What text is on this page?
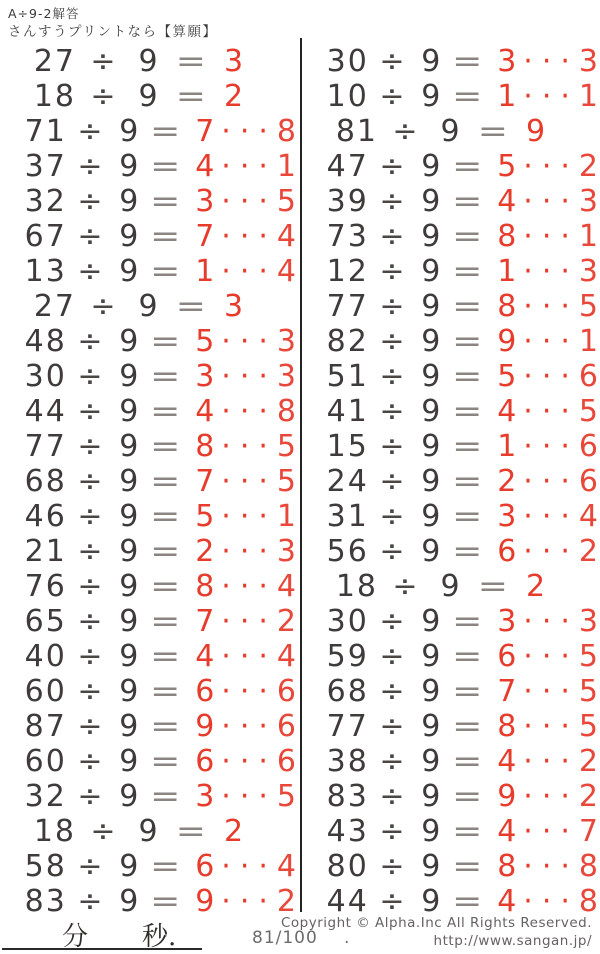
A÷9-2解答
さんすうプリントなら【算願】
27 ÷ 9 = 3
18 ÷ 9 = 2
71 ÷ 9 = 7 ··· 8
37 ÷ 9 = 4 ··· 1
32 ÷ 9 = 3 ··· 5
67 ÷ 9 = 7 ··· 4
13 ÷ 9 = 1 ··· 4
27 ÷ 9 = 3
48 ÷ 9 = 5 ··· 3
30 ÷ 9 = 3 ··· 3
44 ÷ 9 = 4 ··· 8
77 ÷ 9 = 8 ··· 5
68 ÷ 9 = 7 ··· 5
46 ÷ 9 = 5 ··· 1
21 ÷ 9 = 2 ··· 3
76 ÷ 9 = 8 ··· 4
65 ÷ 9 = 7 ··· 2
40 ÷ 9 = 4 ··· 4
60 ÷ 9 = 6 ··· 6
87 ÷ 9 = 9 ··· 6
60 ÷ 9 = 6 ··· 6
32 ÷ 9 = 3 ··· 5
18 ÷ 9 = 2
58 ÷ 9 = 6 ··· 4
83 ÷ 9 = 9 ··· 2
30 ÷ 9 = 3 ··· 3
10 ÷ 9 = 1 ··· 1
81 ÷ 9 = 9
47 ÷ 9 = 5 ··· 2
39 ÷ 9 = 4 ··· 3
73 ÷ 9 = 8 ··· 1
12 ÷ 9 = 1 ··· 3
77 ÷ 9 = 8 ··· 5
82 ÷ 9 = 9 ··· 1
51 ÷ 9 = 5 ··· 6
41 ÷ 9 = 4 ··· 5
15 ÷ 9 = 1 ··· 6
24 ÷ 9 = 2 ··· 6
31 ÷ 9 = 3 ··· 4
56 ÷ 9 = 6 ··· 2
18 ÷ 9 = 2
30 ÷ 9 = 3 ··· 3
59 ÷ 9 = 6 ··· 5
68 ÷ 9 = 7 ··· 5
77 ÷ 9 = 8 ··· 5
38 ÷ 9 = 4 ··· 2
83 ÷ 9 = 9 ··· 2
43 ÷ 9 = 4 ··· 7
80 ÷ 9 = 8 ··· 8
44 ÷ 9 = 4 ··· 8
分 秒.	81/100 .
Copyright © Alpha.Inc All Rights Reserved.
http://www.sangan.jp/
